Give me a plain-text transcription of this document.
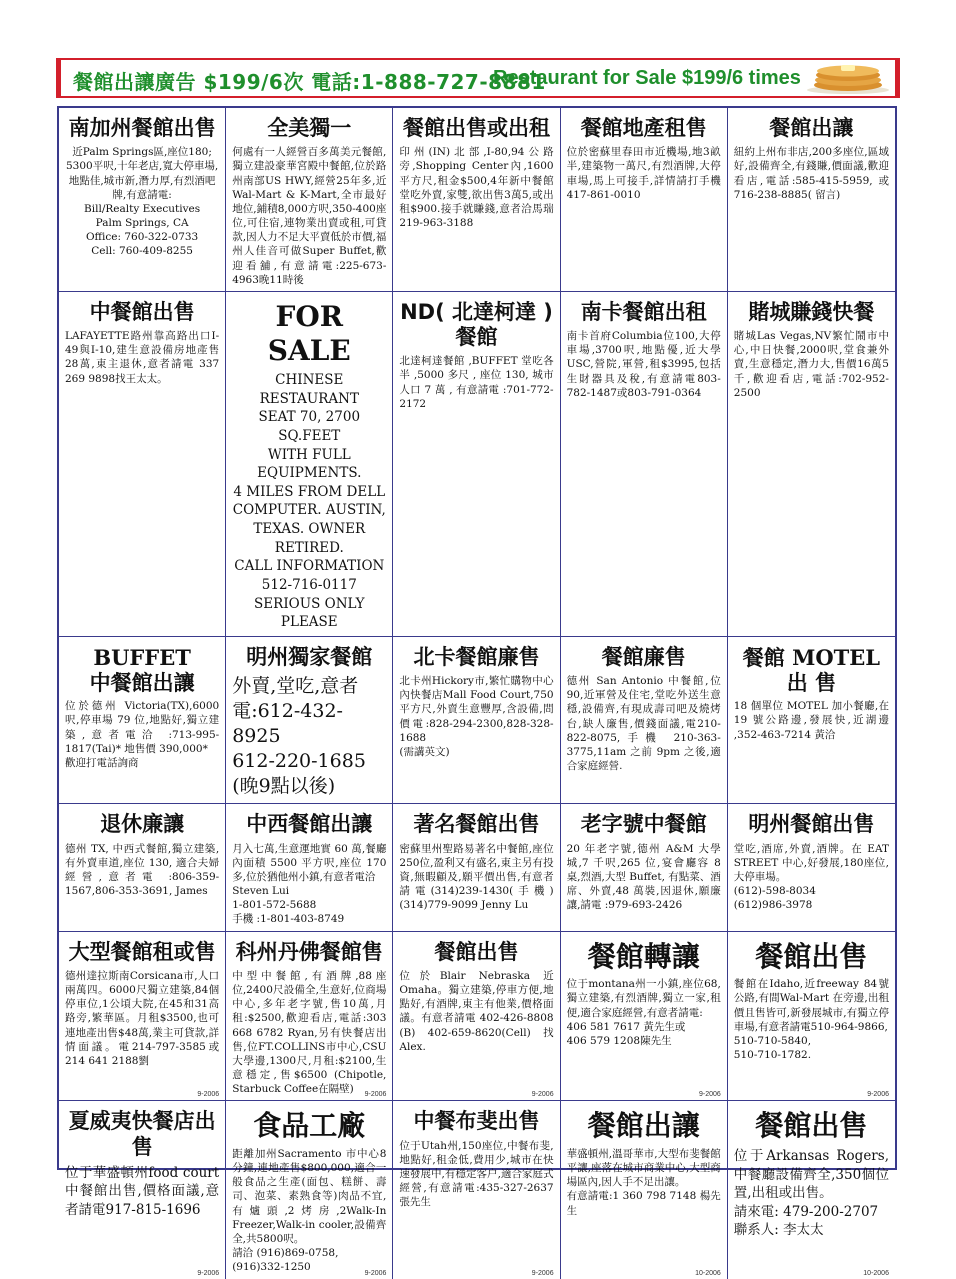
餐館出讓廣告 $199/6次 電話:1-888-727-8881
Restaurant for Sale $199/6 times
南加州餐館出售
近Palm Springs區,座位180;
5300平呎,十年老店,寬大停車場,地點佳,城市新,潛力厚,有烈酒吧牌,有意請電:
Bill/Realty Executives
Palm Springs, CA
Office: 760-322-0733
Cell: 760-409-8255
全美獨一
何處有一人經營百多萬美元餐館,獨立建設豪華宮殿中餐館,位於路州南部US HWY,經營25年多,近Wal-Mart & K-Mart,全市最好地位,鋪積8,000方呎,350-400座位,可住宿,連物業出賣或租,可貸款,因人力不足大平賣低於市價,福州人佳音可做Super Buffet,歡迎看舖,有意請電:225-673-4963晚11時後
餐館出售或出租
印州(IN)北部,I-80,94公路旁,Shopping Center內,1600平方尺,租金$500,4年新中餐館堂吃外賣,家雙,欲出售3萬5,或出租$900.接手就賺錢,意者洽馬瑞219-963-3188
餐館地產租售
位於密蘇里春田市近機場,地3畝半,建築物一萬尺,有烈酒牌,大停車場,馬上可接手,詳情請打手機 417-861-0010
餐館出讓
紐約上州布非店,200多座位,區域好,設備齊全,有錢賺,價面議,歡迎看店,電話:585-415-5959, 或 716-238-8885( 留言)
中餐館出售
LAFAYETTE路州靠高路出口I-49與I-10,建生意設備房地產售28萬,東主退休,意者請電 337 269 9898找王太太。
FOR SALE
CHINESE RESTAURANT
SEAT 70, 2700 SQ.FEET
WITH FULL EQUIPMENTS.
4 MILES FROM DELL
COMPUTER. AUSTIN,
TEXAS. OWNER RETIRED.
CALL INFORMATION
512-716-0117
SERIOUS ONLY PLEASE
ND( 北達柯達 ) 餐館
北達柯達餐館 ,BUFFET 堂吃各半 ,5000 多尺 , 座位 130, 城市人口 7 萬 , 有意請電 :701-772-2172
南卡餐館出租
南卡首府Columbia位100,大停車場,3700呎,地點優,近大學USC,營院,軍營,租$3995,包括生財器具及稅,有意請電803-782-1487或803-791-0364
賭城賺錢快餐
賭城Las Vegas,NV繁忙鬧市中心,中日快餐,2000呎,堂食兼外賣,生意穩定,潛力大,售價16萬5千,歡迎看店,電話:702-952-2500
BUFFET
中餐館出讓
位於德州 Victoria(TX),6000 呎,停車場 79 位,地點好,獨立建築,意者電洽 :713-995-1817(Tai)* 地售價 390,000*
歡迎打電話詢商
明州獨家餐館
外賣,堂吃,意者電:612-432-8925
612-220-1685
(晚9點以後)
北卡餐館廉售
北卡州Hickory市,繁忙購物中心內快餐店Mall Food Court,750平方尺,外賣生意豐厚,含設備,問價電:828-294-2300,828-328-1688
(需講英文)
餐館廉售
德州 San Antonio 中餐館,位90,近軍營及住宅,堂吃外送生意穩,設備齊,有現成壽司吧及燒烤台,缺人廉售,價錢面議,電210-822-8075,手機 210-363-3775,11am 之前 9pm 之後,適合家庭經營.
餐館 MOTEL
出 售
18 個單位 MOTEL 加小餐廳,在 19 號公路邊,發展快,近湖邊 ,352-463-7214 黃洽
退休廉讓
德州 TX, 中西式餐館,獨立建築,有外賣車道,座位 130, 適合夫婦經營,意者電 :806-359-1567,806-353-3691, James
中西餐館出讓
月入七萬,生意運地實 60 萬,餐廳內面積 5500 平方呎,座位 170 多,位於猶他州小鎮,有意者電洽
Steven Lui
1-801-572-5688
手機 :1-801-403-8749
著名餐館出售
密蘇里州聖路易著名中餐館,座位250位,盈利又有盛名,東主另有投資,無暇顧及,願平價出售,有意者請電(314)239-1430(手機)(314)779-9099 Jenny Lu
老字號中餐館
20 年老字號,德州 A&M 大學城,7 千呎,265 位,宴會廳容 8 桌,烈酒,大型 Buffet, 有點菜、酒席、外賣,48 萬裝,因退休,願廉讓,請電 :979-693-2426
明州餐館出售
堂吃,酒席,外賣,酒牌。在 EAT STREET 中心,好發展,180座位,大停車場。
(612)-598-8034
(612)986-3978
大型餐館租或售
德州達拉斯南Corsicana市,人口兩萬四。6000尺獨立建築,84個停車位,1公頃大院,在45和31高路旁,繁華區。月租$3500,也可連地產出售$48萬,業主可貸款,詳情面議。電214-797-3585或214 641 2188劉
9-2006
科州丹佛餐館售
中型中餐館,有酒牌,88座位,2400尺設備全,生意好,位商場中心,多年老字號,售10萬,月租:$2500,歡迎看店,電話:303 668 6782 Ryan,另有快餐店出售,位FT.COLLINS市中心,CSU大學邊,1300尺,月租:$2100,生意穩定,售$6500 (Chipotle, Starbuck Coffee在隔壁)	9-2006
餐館出售
位於Blair Nebraska 近Omaha。獨立建築,停車方便,地點好,有酒牌,東主有他業,價格面議。有意者請電 402-426-8808 (B) 402-659-8620(Cell) 找 Alex.
9-2006
餐館轉讓
位于montana州一小鎮,座位68,獨立建築,有烈酒牌,獨立一家,租便,適合家庭經營,有意者請電:
406 581 7617 黃先生或
406 579 1208陳先生
9-2006
餐館出售
餐館在Idaho,近freeway 84號公路,有間Wal-Mart 在旁邊,出租價且售皆可,新發展城市,有獨立停車場,有意者請電510-964-9866,
510-710-5840,
510-710-1782.
9-2006
夏威夷快餐店出售
位于華盛頓州food court 中餐館出售,價格面議,意者請電917-815-1696
9-2006
食品工廠
距離加州Sacramento 市中心8分鐘,連地產售$800,000,適合一般食品之生產(面包、糕餅、壽司、泡菜、素熟食等)肉品不宜,有爐頭,2烤房,2Walk-In Freezer,Walk-in cooler,設備齊全,共5800呎。
請洽 (916)869-0758,
(916)332-1250	9-2006
中餐布斐出售
位于Utah州,150座位,中餐布斐,地點好,租金低,費用少,城市在快速發展中,有穩定客户,適合家庭式經營,有意請電:435-327-2637 張先生
9-2006
餐館出讓
華盛頓州,溫哥華市,大型布斐餐館平讓,座落在城市商業中心,大型商場區內,因人手不足出讓。
有意請電:1 360 798 7148 楊先生
10-2006
餐館出售
位于Arkansas Rogers,中餐廳設備齊全,350個位置,出租或出售。
請來電: 479-200-2707
聯系人: 李太太
10-2006
